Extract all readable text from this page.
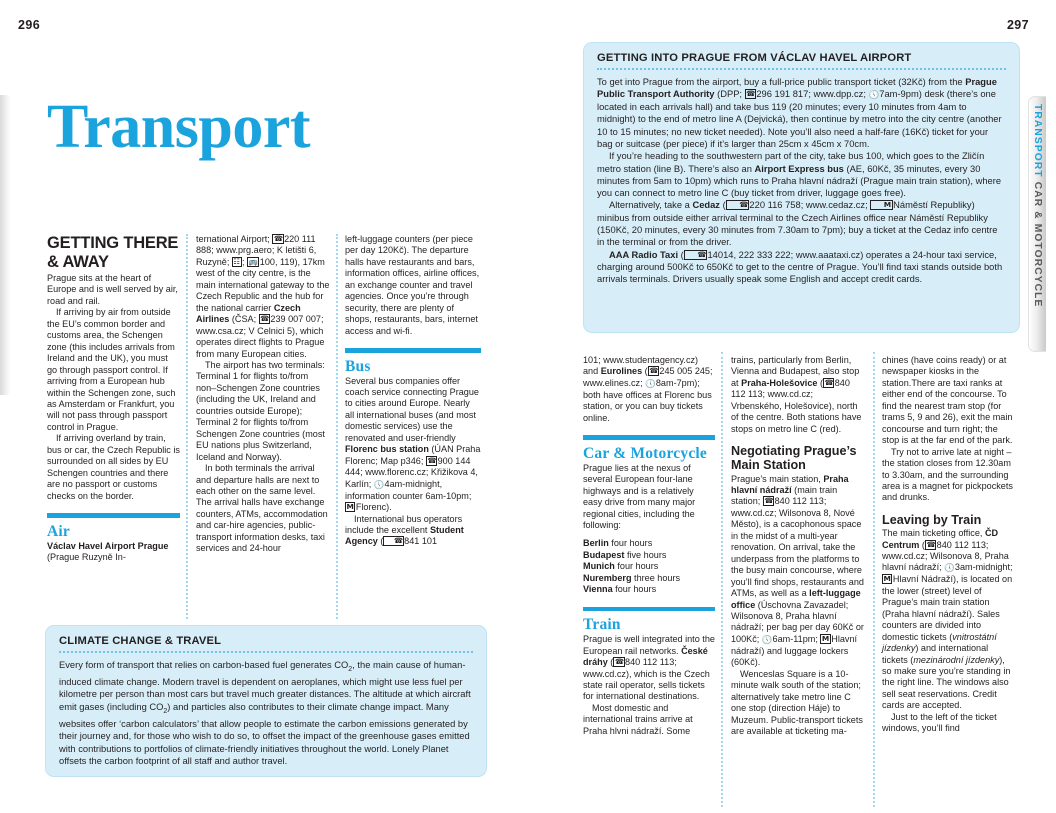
296	297
TRANSPORT CAR & MOTORCYCLE
Transport
GETTING THERE & AWAY

Prague sits at the heart of Europe and is well served by air, road and rail.

If arriving by air from outside the EU’s common border and customs area, the Schengen zone (this includes arrivals from Ireland and the UK), you must go through passport control. If arriving from a European hub within the Schengen zone, such as Amsterdam or Frankfurt, you will not pass through passport control in Prague.

If arriving overland by train, bus or car, the Czech Republic is surrounded on all sides by EU Schengen countries and there are no passport or customs checks on the border.

Air

Václav Havel Airport Prague (Prague Ruzyně In-

ternational Airport; ☎ 220 111 888; www.prg.aero; K letišti 6, Ruzyně; ☷ ; 🚌 100, 119), 17km west of the city centre, is the main international gateway to the Czech Republic and the hub for the national carrier Czech Airlines (ČSA; ☎ 239 007 007; www.csa.cz; V Celnici 5), which operates direct flights to Prague from many European cities.

The airport has two terminals: Terminal 1 for flights to/from non–Schengen Zone countries (including the UK, Ireland and countries outside Europe); Terminal 2 for flights to/from Schengen Zone countries (most EU nations plus Switzerland, Iceland and Norway).

In both terminals the arrival and departure halls are next to each other on the same level. The arrival halls have exchange counters, ATMs, accommodation and car-hire agencies, public-transport information desks, taxi services and 24-hour

left-luggage counters (per piece per day 120Kč). The departure halls have restaurants and bars, information offices, airline offices, an exchange counter and travel agencies. Once you’re through security, there are plenty of shops, restaurants, bars, internet access and wi-fi.

Bus

Several bus companies offer coach service connecting Prague to cities around Europe. Nearly all international buses (and most domestic services) use the renovated and user-friendly Florenc bus station (ÚAN Praha Florenc; Map p346; ☎ 900 144 444; www.florenc.cz; Křižikova 4, Karlín; 🕔4am-midnight, information counter 6am-10pm; M Florenc).

International bus operators include the excellent Student Agency ( ☎ 841 101

CLIMATE CHANGE & TRAVEL

Every form of transport that relies on carbon-based fuel generates $CO_2$, the main cause of human-induced climate change. Modern travel is dependent on aeroplanes, which might use less fuel per kilometre per person than most cars but travel much greater distances. The altitude at which aircraft emit gases (including $CO_2$) and particles also contributes to their climate change impact. Many websites offer ‘carbon calculators’ that allow people to estimate the carbon emissions generated by their journey and, for those who wish to do so, to offset the impact of the greenhouse gases emitted with contributions to portfolios of climate-friendly initiatives throughout the world. Lonely Planet offsets the carbon footprint of all staff and author travel.

GETTING INTO PRAGUE FROM VÁCLAV HAVEL AIRPORT

To get into Prague from the airport, buy a full-price public transport ticket (32Kč) from the Prague Public Transport Authority (DPP; ☎ 296 191 817; www.dpp.cz; 🕔7am-9pm) desk (there’s one located in each arrivals hall) and take bus 119 (20 minutes; every 10 minutes from 4am to midnight) to the end of metro line A (Dejvická), then continue by metro into the city centre (another 10 to 15 minutes; no new ticket needed). Note you’ll also need a half-fare (16Kč) ticket for your bag or suitcase (per piece) if it’s larger than 25cm x 45cm x 70cm.

If you’re heading to the southwestern part of the city, take bus 100, which goes to the Zličín metro station (line B). There’s also an Airport Express bus (AE, 60Kč, 35 minutes, every 30 minutes from 5am to 10pm) which runs to Praha hlavní nádraží (Prague main train station), where you can connect to metro line C (buy ticket from driver, luggage goes free).

Alternatively, take a Cedaz ( ☎ 220 116 758; www.cedaz.cz; M Náměstí Republiky) minibus from outside either arrival terminal to the Czech Airlines office near Náměstí Republiky (150Kč, 20 minutes, every 30 minutes from 7.30am to 7pm); buy a ticket at the Cedaz info centre in the terminal or from the driver.

AAA Radio Taxi ( ☎ 14014, 222 333 222; www.aaataxi.cz) operates a 24-hour taxi service, charging around 500Kč to 650Kč to get to the centre of Prague. You’ll find taxi stands outside both arrivals terminals. Drivers usually speak some English and accept credit cards.

101; www.studentagency.cz) and Eurolines ( ☎ 245 005 245; www.elines.cz; 🕔8am-7pm); both have offices at Florenc bus station, or you can buy tickets online.

Car & Motorcycle

Prague lies at the nexus of several European four-lane highways and is a relatively easy drive from many major regional cities, including the following:

Berlin four hours

Budapest five hours

Munich four hours

Nuremberg three hours

Vienna four hours

Train

Prague is well integrated into the European rail networks. České dráhy ( ☎ 840 112 113; www.cd.cz), which is the Czech state rail operator, sells tickets for international destinations.

Most domestic and international trains arrive at Praha hlvni nádraží. Some

trains, particularly from Berlin, Vienna and Budapest, also stop at Praha-Holešovice ( ☎ 840 112 113; www.cd.cz; Vrbenského, Holešovice), north of the centre. Both stations have stops on metro line C (red).

Negotiating Prague’s Main Station

Prague’s main station, Praha hlavní nádraží (main train station; ☎ 840 112 113; www.cd.cz; Wilsonova 8, Nové Město), is a cacophonous space in the midst of a multi-year renovation. On arrival, take the underpass from the platforms to the busy main concourse, where you’ll find shops, restaurants and ATMs, as well as a left-luggage office (Úschovna Zavazadel; Wilsonova 8, Praha hlavní nádraží; per bag per day 60Kč or 100Kč; 🕔6am-11pm; M Hlavní nádraží) and luggage lockers (60Kč).

Wenceslas Square is a 10-minute walk south of the station; alternatively take metro line C one stop (direction Háje) to Muzeum. Public-transport tickets are available at ticketing ma-

chines (have coins ready) or at newspaper kiosks in the station.There are taxi ranks at either end of the concourse. To find the nearest tram stop (for trams 5, 9 and 26), exit the main concourse and turn right; the stop is at the far end of the park.

Try not to arrive late at night – the station closes from 12.30am to 3.30am, and the surrounding area is a magnet for pickpockets and drunks.

Leaving by Train

The main ticketing office, ČD Centrum ( ☎ 840 112 113; www.cd.cz; Wilsonova 8, Praha hlavní nádraží; 🕔3am-midnight; M Hlavní Nádraží), is located on the lower (street) level of Prague’s main train station (Praha hlavní nádraží). Sales counters are divided into domestic tickets (vnitrostátní jízdenky) and international tickets (mezinárodní jízdenky), so make sure you’re standing in the right line. The windows also sell seat reservations. Credit cards are accepted.

Just to the left of the ticket windows, you’ll find
